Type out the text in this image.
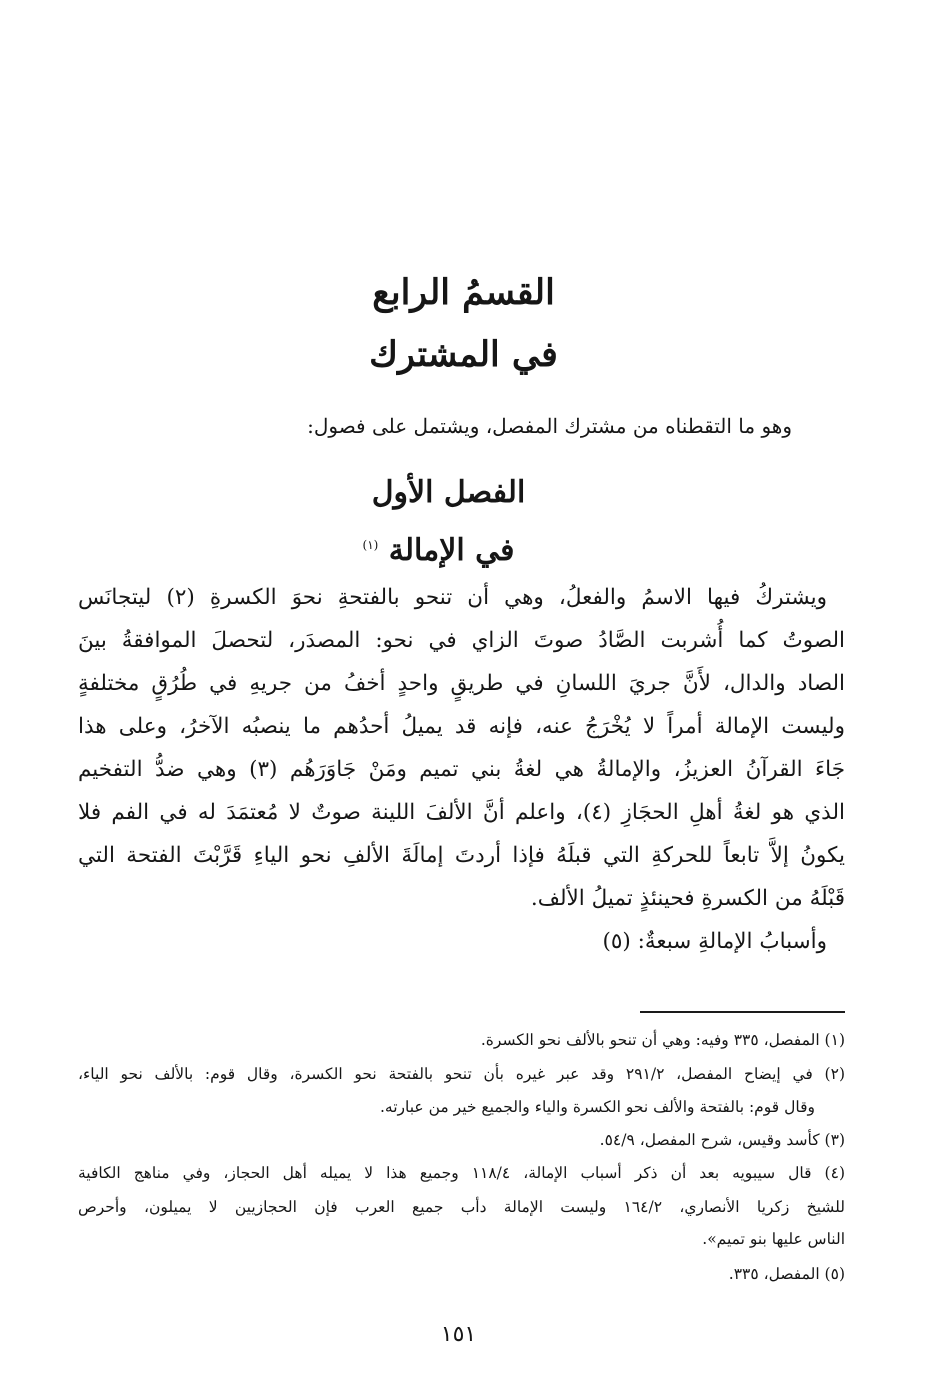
القسمُ الرابع
في المشترك
وهو ما التقطناه من مشترك المفصل، ويشتمل على فصول:
الفصل الأول
في الإمالة $^{(١)}$
ويشتركُ فيها الاسمُ والفعلُ، وهي أن تنحو بالفتحةِ نحوَ الكسرةِ (٢) ليتجانَس
الصوتُ كما أُشربت الصَّادُ صوتَ الزاي في نحو: المصدَر، لتحصلَ الموافقةُ بينَ
الصاد والدال، لأَنَّ جريَ اللسانِ في طريقٍ واحدٍ أخفُ من جريهِ في طُرُقٍ مختلفةٍ
وليست الإمالة أمراً لا يُخْرَجُ عنه، فإنه قد يميلُ أحدُهم ما ينصبُه الآخرُ، وعلى هذا
جَاءَ القرآنُ العزيزُ، والإمالةُ هي لغةُ بني تميم ومَنْ جَاوَرَهُم (٣) وهي ضدُّ التفخيم
الذي هو لغةُ أهلِ الحجَازِ (٤)، واعلم أنَّ الألفَ اللينة صوتٌ لا مُعتمَدَ له في الفم فلا
يكونُ إلاَّ تابعاً للحركةِ التي قبلَهُ فإذا أردتَ إمالَةَ الألفِ نحو الياءِ قَرَّبْتَ الفتحة التي
قَبْلَهُ من الكسرةِ فحينئذٍ تميلُ الألف.
وأسبابُ الإمالةِ سبعةٌ: (٥)
(١) المفصل، ٣٣٥ وفيه: وهي أن تنحو بالألف نحو الكسرة.
(٢) في إيضاح المفصل، ٢٩١/٢ وقد عبر غيره بأن تنحو بالفتحة نحو الكسرة، وقال قوم: بالألف نحو الياء،
وقال قوم: بالفتحة والألف نحو الكسرة والياء والجميع خير من عبارته.
(٣) كأسد وقيس، شرح المفصل، ٥٤/٩.
(٤) قال سيبويه بعد أن ذكر أسباب الإمالة، ١١٨/٤ وجميع هذا لا يميله أهل الحجاز، وفي مناهج الكافية
للشيخ زكريا الأنصاري، ١٦٤/٢ وليست الإمالة دأب جميع العرب فإن الحجازيين لا يميلون، وأحرص
الناس عليها بنو تميم».
(٥) المفصل، ٣٣٥.
١٥١
